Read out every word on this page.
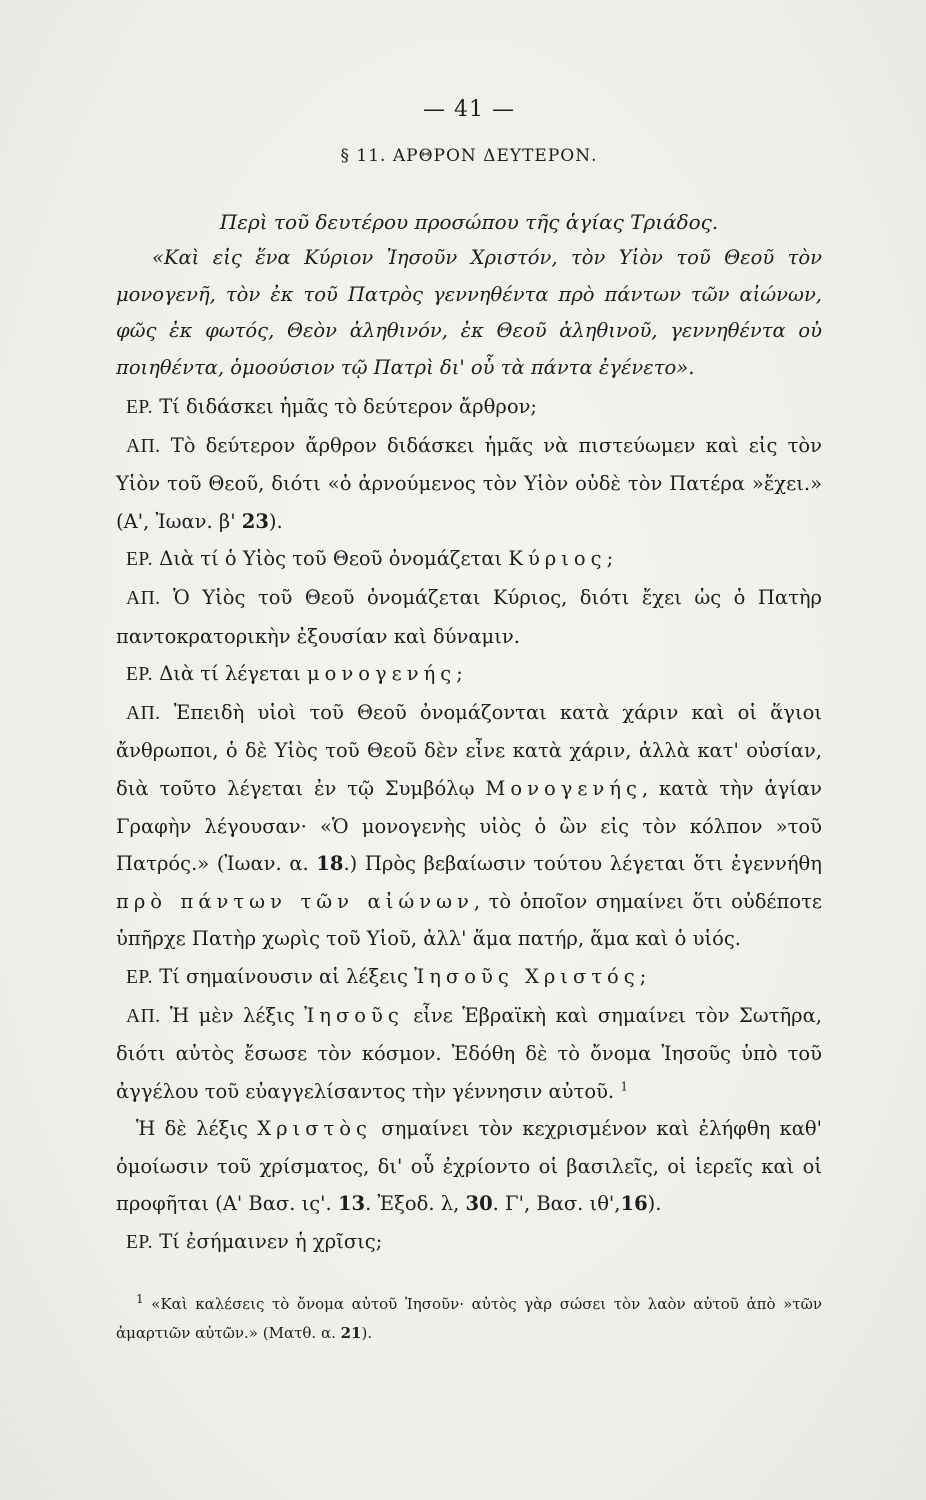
— 41 —
§ 11. ΑΡΘΡΟΝ ΔΕΥΤΕΡΟΝ.
Περὶ τοῦ δευτέρου προσώπου τῆς ἁγίας Τριάδος.

«Καὶ εἰς ἕνα Κύριον Ἰησοῦν Χριστόν, τὸν Υἱὸν τοῦ Θεοῦ τὸν μονογενῆ, τὸν ἐκ τοῦ Πατρὸς γεννηθέντα πρὸ πάντων τῶν αἰώνων, φῶς ἐκ φωτός, Θεὸν ἀληθινόν, ἐκ Θεοῦ ἀληθινοῦ, γεννηθέντα οὐ ποιηθέντα, ὁμοούσιον τῷ Πατρὶ δι' οὗ τὰ πάντα ἐγένετο».

ΕΡ. Τί διδάσκει ἡμᾶς τὸ δεύτερον ἄρθρον;

ΑΠ. Τὸ δεύτερον ἄρθρον διδάσκει ἡμᾶς νὰ πιστεύωμεν καὶ εἰς τὸν Υἱὸν τοῦ Θεοῦ, διότι «ὁ ἀρνούμενος τὸν Υἱὸν οὐδὲ τὸν Πατέρα »ἔχει.» (Α', Ἰωαν. β' 23).

ΕΡ. Διὰ τί ὁ Υἱὸς τοῦ Θεοῦ ὀνομάζεται Κύριος;

ΑΠ. Ὁ Υἱὸς τοῦ Θεοῦ ὀνομάζεται Κύριος, διότι ἔχει ὡς ὁ Πατὴρ παντοκρατορικὴν ἐξουσίαν καὶ δύναμιν.

ΕΡ. Διὰ τί λέγεται μονογενής;

ΑΠ. Ἐπειδὴ υἱοὶ τοῦ Θεοῦ ὀνομάζονται κατὰ χάριν καὶ οἱ ἅγιοι ἄνθρωποι, ὁ δὲ Υἱὸς τοῦ Θεοῦ δὲν εἶνε κατὰ χάριν, ἀλλὰ κατ' οὐσίαν, διὰ τοῦτο λέγεται ἐν τῷ Συμβόλῳ Μονογενής, κατὰ τὴν ἁγίαν Γραφὴν λέγουσαν· «Ὁ μονογενὴς υἱὸς ὁ ὢν εἰς τὸν κόλπον »τοῦ Πατρός.» (Ἰωαν. α. 18.) Πρὸς βεβαίωσιν τούτου λέγεται ὅτι ἐγεννήθη πρὸ πάντων τῶν αἰώνων, τὸ ὁποῖον σημαίνει ὅτι οὐδέποτε ὑπῆρχε Πατὴρ χωρὶς τοῦ Υἱοῦ, ἀλλ' ἅμα πατήρ, ἅμα καὶ ὁ υἱός.

ΕΡ. Τί σημαίνουσιν αἱ λέξεις Ἰησοῦς Χριστός;

ΑΠ. Ἡ μὲν λέξις Ἰησοῦς εἶνε Ἑβραϊκὴ καὶ σημαίνει τὸν Σωτῆρα, διότι αὐτὸς ἔσωσε τὸν κόσμον. Ἐδόθη δὲ τὸ ὄνομα Ἰησοῦς ὑπὸ τοῦ ἀγγέλου τοῦ εὐαγγελίσαντος τὴν γέννησιν αὐτοῦ. $^1$

Ἡ δὲ λέξις Χριστὸς σημαίνει τὸν κεχρισμένον καὶ ἐλήφθη καθ' ὁμοίωσιν τοῦ χρίσματος, δι' οὗ ἐχρίοντο οἱ βασιλεῖς, οἱ ἱερεῖς καὶ οἱ προφῆται (Α' Βασ. ις'. 13. Ἐξοδ. λ, 30. Γ', Βασ. ιθ',16).

ΕΡ. Τί ἐσήμαινεν ἡ χρῖσις;

$^1$ «Καὶ καλέσεις τὸ ὄνομα αὐτοῦ Ἰησοῦν· αὐτὸς γὰρ σώσει τὸν λαὸν αὐτοῦ ἀπὸ »τῶν ἁμαρτιῶν αὐτῶν.» (Ματθ. α. 21).
